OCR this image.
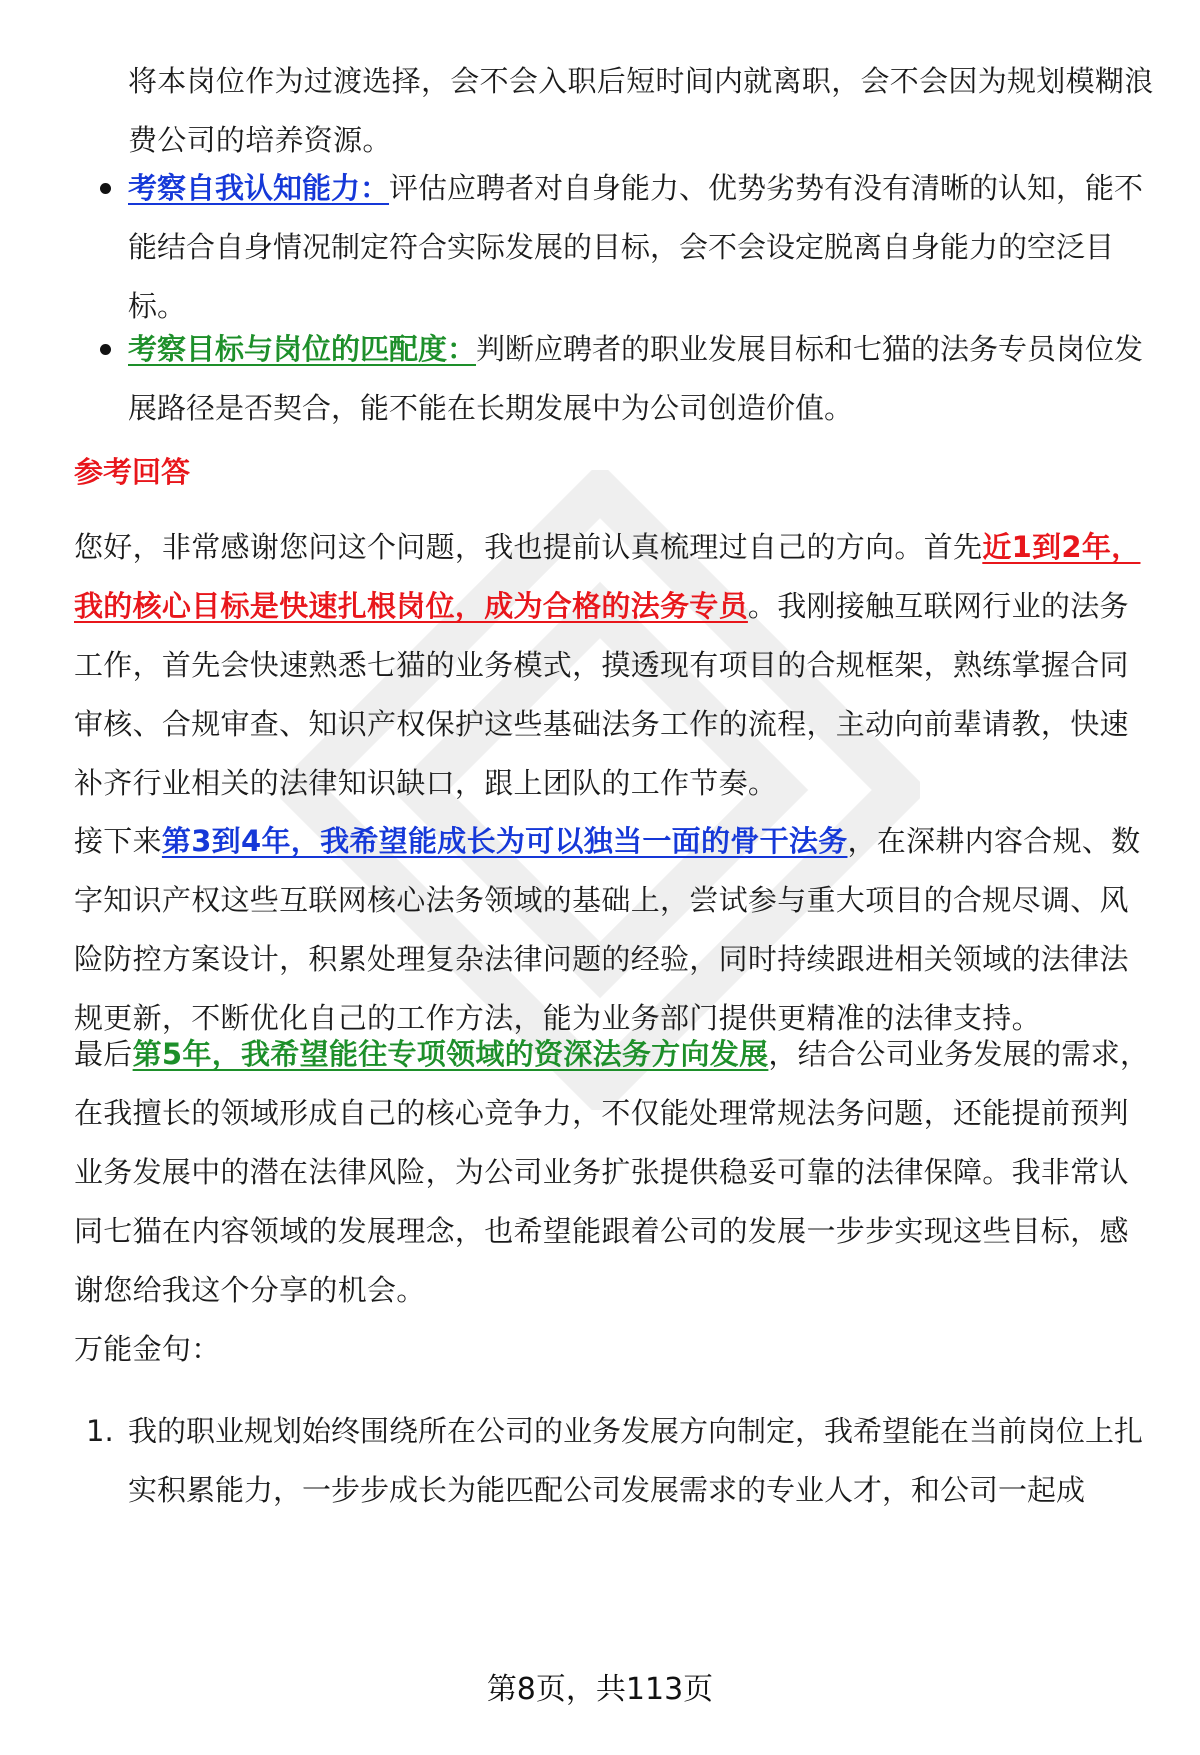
将本岗位作为过渡选择，会不会入职后短时间内就离职，会不会因为规划模糊浪费公司的培养资源。
考察自我认知能力：评估应聘者对自身能力、优势劣势有没有清晰的认知，能不能结合自身情况制定符合实际发展的目标，会不会设定脱离自身能力的空泛目标。
考察目标与岗位的匹配度：判断应聘者的职业发展目标和七猫的法务专员岗位发展路径是否契合，能不能在长期发展中为公司创造价值。
参考回答
您好，非常感谢您问这个问题，我也提前认真梳理过自己的方向。首先近1到2年，我的核心目标是快速扎根岗位，成为合格的法务专员。我刚接触互联网行业的法务工作，首先会快速熟悉七猫的业务模式，摸透现有项目的合规框架，熟练掌握合同审核、合规审查、知识产权保护这些基础法务工作的流程，主动向前辈请教，快速补齐行业相关的法律知识缺口，跟上团队的工作节奏。
接下来第3到4年，我希望能成长为可以独当一面的骨干法务，在深耕内容合规、数字知识产权这些互联网核心法务领域的基础上，尝试参与重大项目的合规尽调、风险防控方案设计，积累处理复杂法律问题的经验，同时持续跟进相关领域的法律法规更新，不断优化自己的工作方法，能为业务部门提供更精准的法律支持。
最后第5年，我希望能往专项领域的资深法务方向发展，结合公司业务发展的需求，在我擅长的领域形成自己的核心竞争力，不仅能处理常规法务问题，还能提前预判业务发展中的潜在法律风险，为公司业务扩张提供稳妥可靠的法律保障。我非常认同七猫在内容领域的发展理念，也希望能跟着公司的发展一步步实现这些目标，感谢您给我这个分享的机会。
万能金句：
1. 我的职业规划始终围绕所在公司的业务发展方向制定，我希望能在当前岗位上扎实积累能力，一步步成长为能匹配公司发展需求的专业人才，和公司一起成
第8页，共113页
